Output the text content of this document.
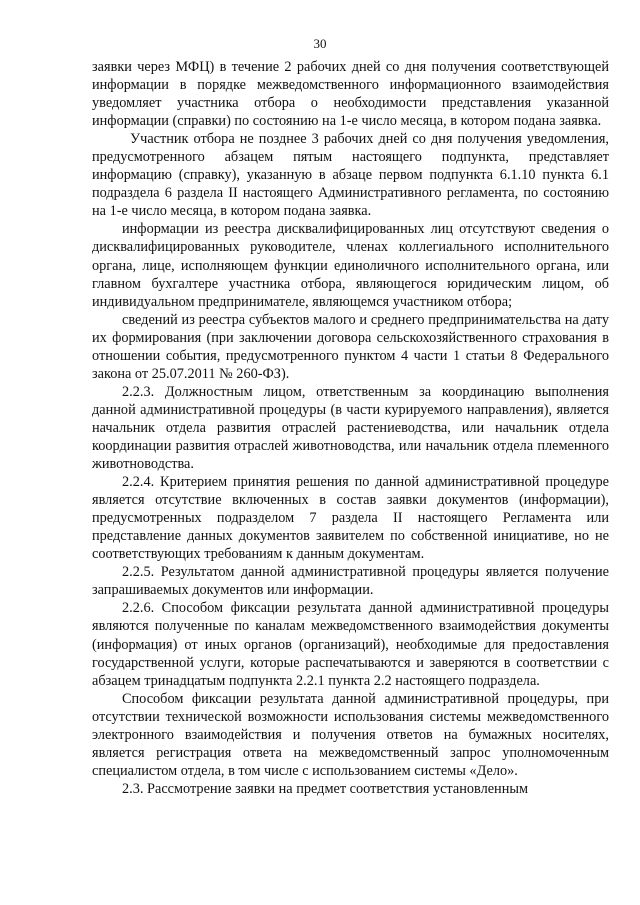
30

заявки через МФЦ) в течение 2 рабочих дней со дня получения соответствующей информации в порядке межведомственного информационного взаимодействия уведомляет участника отбора о необходимости представления указанной информации (справки) по состоянию на 1-е число месяца, в котором подана заявка.

Участник отбора не позднее 3 рабочих дней со дня получения уведомления, предусмотренного абзацем пятым настоящего подпункта, представляет информацию (справку), указанную в абзаце первом подпункта 6.1.10 пункта 6.1 подраздела 6 раздела II настоящего Административного регламента, по состоянию на 1-е число месяца, в котором подана заявка.

информации из реестра дисквалифицированных лиц отсутствуют сведения о дисквалифицированных руководителе, членах коллегиального исполнительного органа, лице, исполняющем функции единоличного исполнительного органа, или главном бухгалтере участника отбора, являющегося юридическим лицом, об индивидуальном предпринимателе, являющемся участником отбора;

сведений из реестра субъектов малого и среднего предпринимательства на дату их формирования (при заключении договора сельскохозяйственного страхования в отношении события, предусмотренного пунктом 4 части 1 статьи 8 Федерального закона от 25.07.2011 № 260-ФЗ).

2.2.3. Должностным лицом, ответственным за координацию выполнения данной административной процедуры (в части курируемого направления), является начальник отдела развития отраслей растениеводства, или начальник отдела координации развития отраслей животноводства, или начальник отдела племенного животноводства.

2.2.4. Критерием принятия решения по данной административной процедуре является отсутствие включенных в состав заявки документов (информации), предусмотренных подразделом 7 раздела II настоящего Регламента или представление данных документов заявителем по собственной инициативе, но не соответствующих требованиям к данным документам.

2.2.5. Результатом данной административной процедуры является получение запрашиваемых документов или информации.

2.2.6. Способом фиксации результата данной административной процедуры являются полученные по каналам межведомственного взаимодействия документы (информация) от иных органов (организаций), необходимые для предоставления государственной услуги, которые распечатываются и заверяются в соответствии с абзацем тринадцатым подпункта 2.2.1 пункта 2.2 настоящего подраздела.

Способом фиксации результата данной административной процедуры, при отсутствии технической возможности использования системы межведомственного электронного взаимодействия и получения ответов на бумажных носителях, является регистрация ответа на межведомственный запрос уполномоченным специалистом отдела, в том числе с использованием системы «Дело».

2.3. Рассмотрение заявки на предмет соответствия установленным
